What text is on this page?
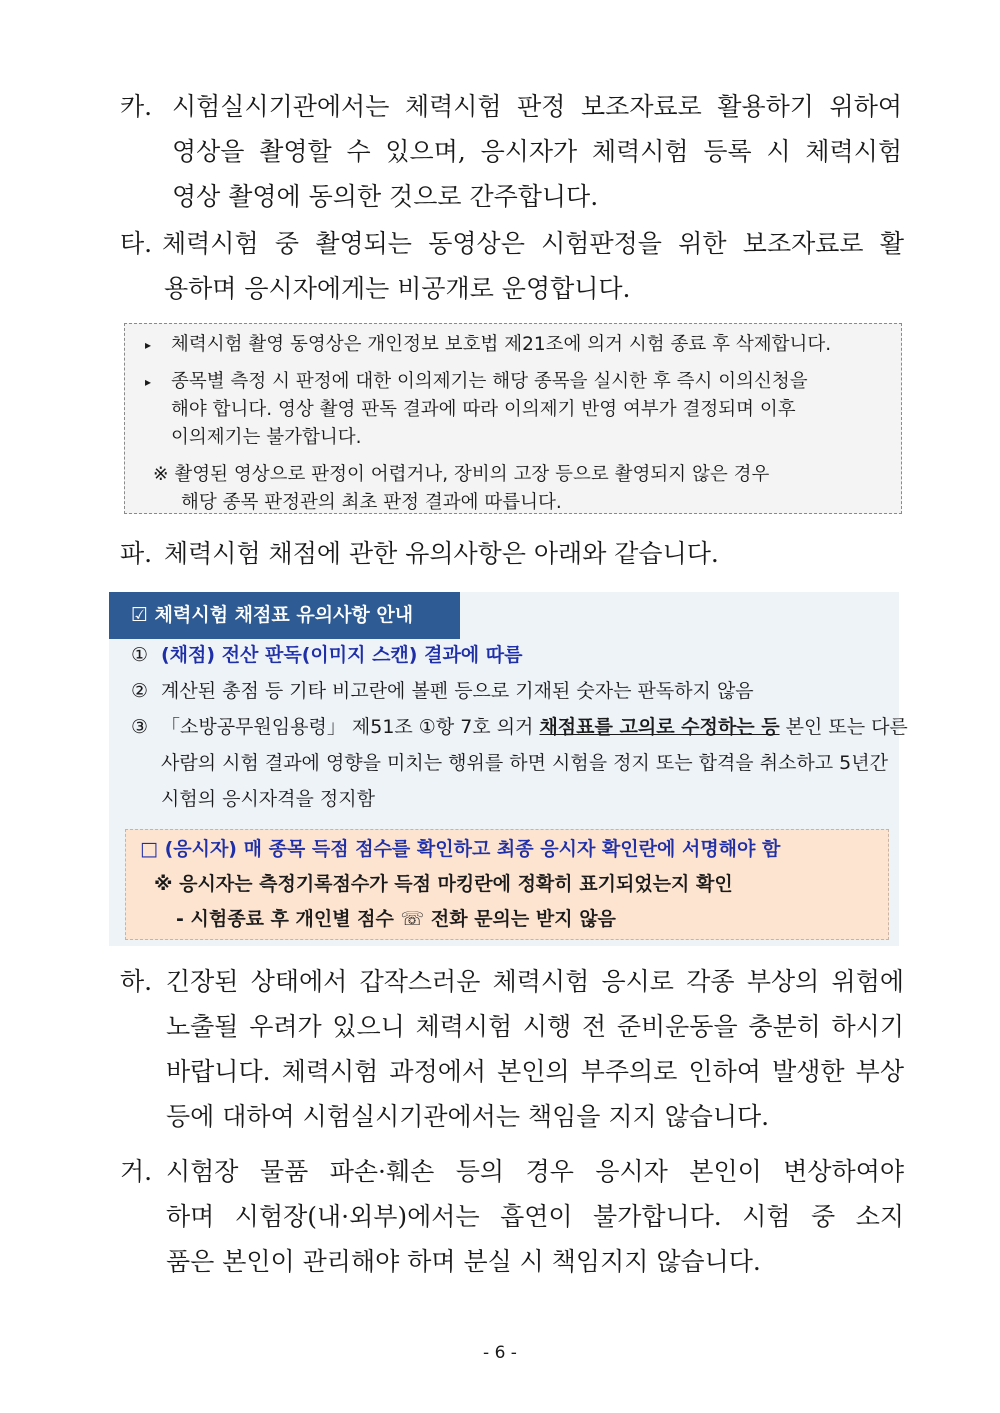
카. 시험실시기관에서는 체력시험 판정 보조자료로 활용하기 위하여
영상을 촬영할 수 있으며, 응시자가 체력시험 등록 시 체력시험
영상 촬영에 동의한 것으로 간주합니다.
타. 체력시험 중 촬영되는 동영상은 시험판정을 위한 보조자료로 활
용하며 응시자에게는 비공개로 운영합니다.
▸ 체력시험 촬영 동영상은 개인정보 보호법 제21조에 의거 시험 종료 후 삭제합니다.
▸ 종목별 측정 시 판정에 대한 이의제기는 해당 종목을 실시한 후 즉시 이의신청을
해야 합니다. 영상 촬영 판독 결과에 따라 이의제기 반영 여부가 결정되며 이후
이의제기는 불가합니다.
※ 촬영된 영상으로 판정이 어렵거나, 장비의 고장 등으로 촬영되지 않은 경우
해당 종목 판정관의 최초 판정 결과에 따릅니다.
파. 체력시험 채점에 관한 유의사항은 아래와 같습니다.
☑ 체력시험 채점표 유의사항 안내
① (채점) 전산 판독(이미지 스캔) 결과에 따름
② 계산된 총점 등 기타 비고란에 볼펜 등으로 기재된 숫자는 판독하지 않음
③ 「소방공무원임용령」 제51조 ①항 7호 의거 채점표를 고의로 수정하는 등 본인 또는 다른
사람의 시험 결과에 영향을 미치는 행위를 하면 시험을 정지 또는 합격을 취소하고 5년간
시험의 응시자격을 정지함
□ (응시자) 매 종목 득점 점수를 확인하고 최종 응시자 확인란에 서명해야 함
※ 응시자는 측정기록점수가 득점 마킹란에 정확히 표기되었는지 확인
- 시험종료 후 개인별 점수 ☏ 전화 문의는 받지 않음
하. 긴장된 상태에서 갑작스러운 체력시험 응시로 각종 부상의 위험에
노출될 우려가 있으니 체력시험 시행 전 준비운동을 충분히 하시기
바랍니다. 체력시험 과정에서 본인의 부주의로 인하여 발생한 부상
등에 대하여 시험실시기관에서는 책임을 지지 않습니다.
거. 시험장 물품 파손·훼손 등의 경우 응시자 본인이 변상하여야
하며 시험장(내·외부)에서는 흡연이 불가합니다. 시험 중 소지
품은 본인이 관리해야 하며 분실 시 책임지지 않습니다.
- 6 -
